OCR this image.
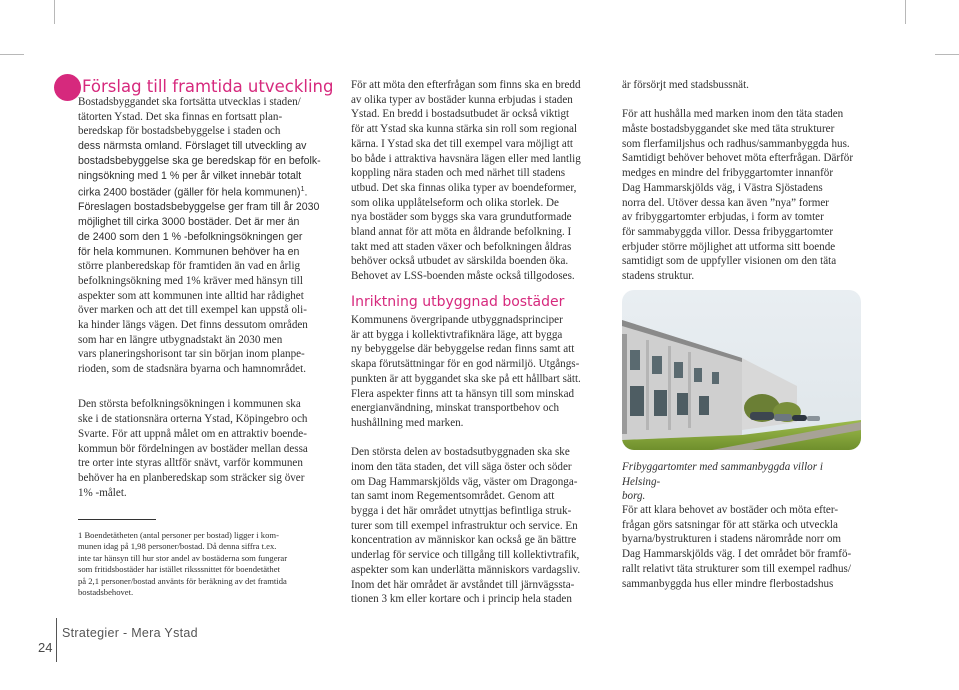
Förslag till framtida utveckling

Bostadsbyggandet ska fortsätta utvecklas i staden/

tätorten Ystad. Det ska finnas en fortsatt plan-

beredskap för bostadsbebyggelse i staden och

dess närmsta omland. Förslaget till utveckling av

bostadsbebyggelse ska ge beredskap för en befolk-

ningsökning med 1 % per år vilket innebär totalt

cirka 2400 bostäder (gäller för hela kommunen)$^1$.

Föreslagen bostadsbebyggelse ger fram till år 2030

möjlighet till cirka 3000 bostäder. Det är mer än

de 2400 som den 1 % -befolkningsökningen ger

för hela kommunen. Kommunen behöver ha en

större planberedskap för framtiden än vad en årlig

befolkningsökning med 1% kräver med hänsyn till

aspekter som att kommunen inte alltid har rådighet

över marken och att det till exempel kan uppstå oli-

ka hinder längs vägen. Det finns dessutom områden

som har en längre utbygnadstakt än 2030 men

vars planeringshorisont tar sin början inom planpe-

rioden, som de stadsnära byarna och hamnområdet.

Den största befolkningsökningen i kommunen ska

ske i de stationsnära orterna Ystad, Köpingebro och

Svarte. För att uppnå målet om en attraktiv boende-

kommun bör fördelningen av bostäder mellan dessa

tre orter inte styras alltför snävt, varför kommunen

behöver ha en planberedskap som sträcker sig över

1% -målet.

1 Boendetätheten (antal personer per bostad) ligger i kom-
munen idag på 1,98 personer/bostad. Då denna siffra t.ex.
inte tar hänsyn till hur stor andel av bostäderna som fungerar
som fritidsbostäder har istället riksssnittet för boendetäthet
på 2,1 personer/bostad använts för beräkning av det framtida
bostadsbehovet.

För att möta den efterfrågan som finns ska en bredd

av olika typer av bostäder kunna erbjudas i staden

Ystad. En bredd i bostadsutbudet är också viktigt

för att Ystad ska kunna stärka sin roll som regional

kärna. I Ystad ska det till exempel vara möjligt att

bo både i attraktiva havsnära lägen eller med lantlig

koppling nära staden och med närhet till stadens

utbud. Det ska finnas olika typer av boendeformer,

som olika upplåtelseform och olika storlek. De

nya bostäder som byggs ska vara grundutformade

bland annat för att möta en åldrande befolkning. I

takt med att staden växer och befolkningen åldras

behöver också utbudet av särskilda boenden öka.

Behovet av LSS-boenden måste också tillgodoses.

Inriktning utbyggnad bostäder

Kommunens övergripande utbyggnadsprinciper

är att bygga i kollektivtrafiknära läge, att bygga

ny bebyggelse där bebyggelse redan finns samt att

skapa förutsättningar för en god närmiljö. Utgångs-

punkten är att byggandet ska ske på ett hållbart sätt.

Flera aspekter finns att ta hänsyn till som minskad

energianvändning, minskat transportbehov och

hushållning med marken.

Den största delen av bostadsutbyggnaden ska ske

inom den täta staden, det vill säga öster och söder

om Dag Hammarskjölds väg, väster om Dragonga-

tan samt inom Regementsområdet. Genom att

bygga i det här området utnyttjas befintliga struk-

turer som till exempel infrastruktur och service. En

koncentration av människor kan också ge än bättre

underlag för service och tillgång till kollektivtrafik,

aspekter som kan underlätta människors vardagsliv.

Inom det här området är avståndet till järnvägssta-

tionen 3 km eller kortare och i princip hela staden

är försörjt med stadsbussnät.

För att hushålla med marken inom den täta staden

måste bostadsbyggandet ske med täta strukturer

som flerfamiljshus och radhus/sammanbyggda hus.

Samtidigt behöver behovet möta efterfrågan. Därför

medges en mindre del fribyggartomter innanför

Dag Hammarskjölds väg, i Västra Sjöstadens

norra del. Utöver dessa kan även ”nya” former

av fribyggartomter erbjudas, i form av tomter

för sammabyggda villor. Dessa fribyggartomter

erbjuder större möjlighet att utforma sitt boende

samtidigt som de uppfyller visionen om den täta

stadens struktur.

Fribyggartomter med sammanbyggda villor i Helsing-
borg.

För att klara behovet av bostäder och möta efter-

frågan görs satsningar för att stärka och utveckla

byarna/bystrukturen i stadens närområde norr om

Dag Hammarskjölds väg. I det området bör framfö-

rallt relativt täta strukturer som till exempel radhus/

sammanbyggda hus eller mindre flerbostadshus

Strategier - Mera Ystad
24
